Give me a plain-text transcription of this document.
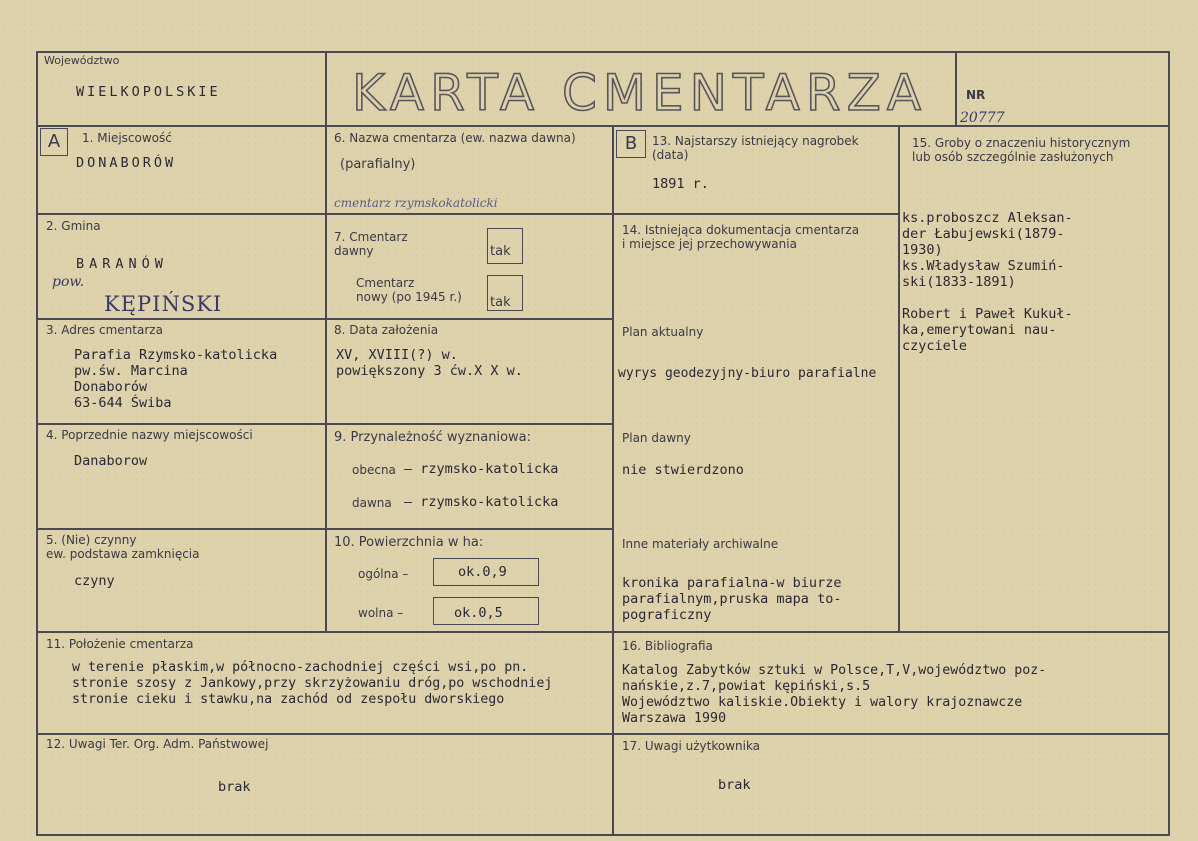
Województwo
WIELKOPOLSKIE	KARTA CMENTARZA	NR
20777
A	B
1. Miejscowość
DONABORÓW
2. Gmina
BARANÓW
pow.
KĘPIŃSKI
3. Adres cmentarza
Parafia Rzymsko-katolicka
pw.św. Marcina
Donaborów
63-644 Świba
4. Poprzednie nazwy miejscowości
Danaborow
5. (Nie) czynny
ew. podstawa zamknięcia
czyny
6. Nazwa cmentarza (ew. nazwa dawna)
(parafialny)
cmentarz rzymskokatolicki
7. Cmentarz
dawny	tak
Cmentarz
nowy (po 1945 r.) tak
8. Data założenia
XV, XVIII(?) w.
powiększony 3 ćw.X X w.
9. Przynależność wyznaniowa:
obecna – rzymsko-katolicka
dawna – rzymsko-katolicka
10. Powierzchnia w ha:
ogólna –	ok.0,9
wolna –	ok.0,5
11. Położenie cmentarza
w terenie płaskim,w północno-zachodniej części wsi,po pn.
stronie szosy z Jankowy,przy skrzyżowaniu dróg,po wschodniej
stronie cieku i stawku,na zachód od zespołu dworskiego
12. Uwagi Ter. Org. Adm. Państwowej
brak
13. Najstarszy istniejący nagrobek
(data)
1891 r.
14. Istniejąca dokumentacja cmentarza
i miejsce jej przechowywania
Plan aktualny
wyrys geodezyjny-biuro parafialne
Plan dawny
nie stwierdzono
Inne materiały archiwalne
kronika parafialna-w biurze
parafialnym,pruska mapa to-
pograficzny
15. Groby o znaczeniu historycznym
lub osób szczególnie zasłużonych
ks.proboszcz Aleksan-
der Łabujewski(1879-
1930)
ks.Władysław Szumiń-
ski(1833-1891)

Robert i Paweł Kukuł-
ka,emerytowani nau-
czyciele
16. Bibliografia
Katalog Zabytków sztuki w Polsce,T,V,województwo poz-
nańskie,z.7,powiat kępiński,s.5
Województwo kaliskie.Obiekty i walory krajoznawcze
Warszawa 1990
17. Uwagi użytkownika
brak
